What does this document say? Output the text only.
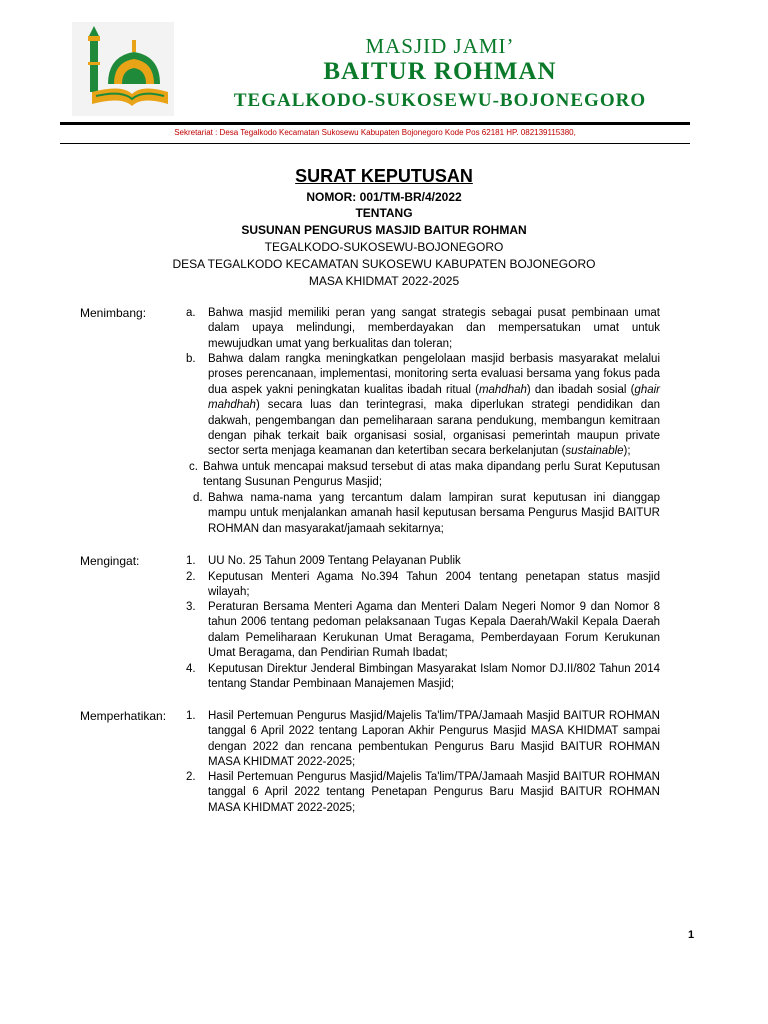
MASJID JAMI’
BAITUR ROHMAN
TEGALKODO-SUKOSEWU-BOJONEGORO
Sekretariat : Desa Tegalkodo Kecamatan Sukosewu Kabupaten Bojonegoro Kode Pos 62181 HP. 082139115380,
SURAT KEPUTUSAN
NOMOR: 001/TM-BR/4/2022
TENTANG
SUSUNAN PENGURUS MASJID BAITUR ROHMAN
TEGALKODO-SUKOSEWU-BOJONEGORO
DESA TEGALKODO KECAMATAN SUKOSEWU KABUPATEN BOJONEGORO
MASA KHIDMAT 2022-2025
Menimbang:	a. Bahwa masjid memiliki peran yang sangat strategis sebagai pusat pembinaan umat dalam upaya melindungi, memberdayakan dan mempersatukan umat untuk mewujudkan umat yang berkualitas dan toleran;
b. Bahwa dalam rangka meningkatkan pengelolaan masjid berbasis masyarakat melalui proses perencanaan, implementasi, monitoring serta evaluasi bersama yang fokus pada dua aspek yakni peningkatan kualitas ibadah ritual (mahdhah) dan ibadah sosial (ghair mahdhah) secara luas dan terintegrasi, maka diperlukan strategi pendidikan dan dakwah, pengembangan dan pemeliharaan sarana pendukung, membangun kemitraan dengan pihak terkait baik organisasi sosial, organisasi pemerintah maupun private sector serta menjaga keamanan dan ketertiban secara berkelanjutan (sustainable);
c. Bahwa untuk mencapai maksud tersebut di atas maka dipandang perlu Surat Keputusan tentang Susunan Pengurus Masjid;
d. Bahwa nama-nama yang tercantum dalam lampiran surat keputusan ini dianggap mampu untuk menjalankan amanah hasil keputusan bersama Pengurus Masjid BAITUR ROHMAN dan masyarakat/jamaah sekitarnya;
Mengingat:	1. UU No. 25 Tahun 2009 Tentang Pelayanan Publik
2. Keputusan Menteri Agama No.394 Tahun 2004 tentang penetapan status masjid wilayah;
3. Peraturan Bersama Menteri Agama dan Menteri Dalam Negeri Nomor 9 dan Nomor 8 tahun 2006 tentang pedoman pelaksanaan Tugas Kepala Daerah/Wakil Kepala Daerah dalam Pemeliharaan Kerukunan Umat Beragama, Pemberdayaan Forum Kerukunan Umat Beragama, dan Pendirian Rumah Ibadat;
4. Keputusan Direktur Jenderal Bimbingan Masyarakat Islam Nomor DJ.II/802 Tahun 2014 tentang Standar Pembinaan Manajemen Masjid;
Memperhatikan: 1. Hasil Pertemuan Pengurus Masjid/Majelis Ta'lim/TPA/Jamaah Masjid BAITUR ROHMAN tanggal 6 April 2022 tentang Laporan Akhir Pengurus Masjid MASA KHIDMAT sampai dengan 2022 dan rencana pembentukan Pengurus Baru Masjid BAITUR ROHMAN MASA KHIDMAT 2022-2025;
2. Hasil Pertemuan Pengurus Masjid/Majelis Ta'lim/TPA/Jamaah Masjid BAITUR ROHMAN tanggal 6 April 2022 tentang Penetapan Pengurus Baru Masjid BAITUR ROHMAN MASA KHIDMAT 2022-2025;
1
